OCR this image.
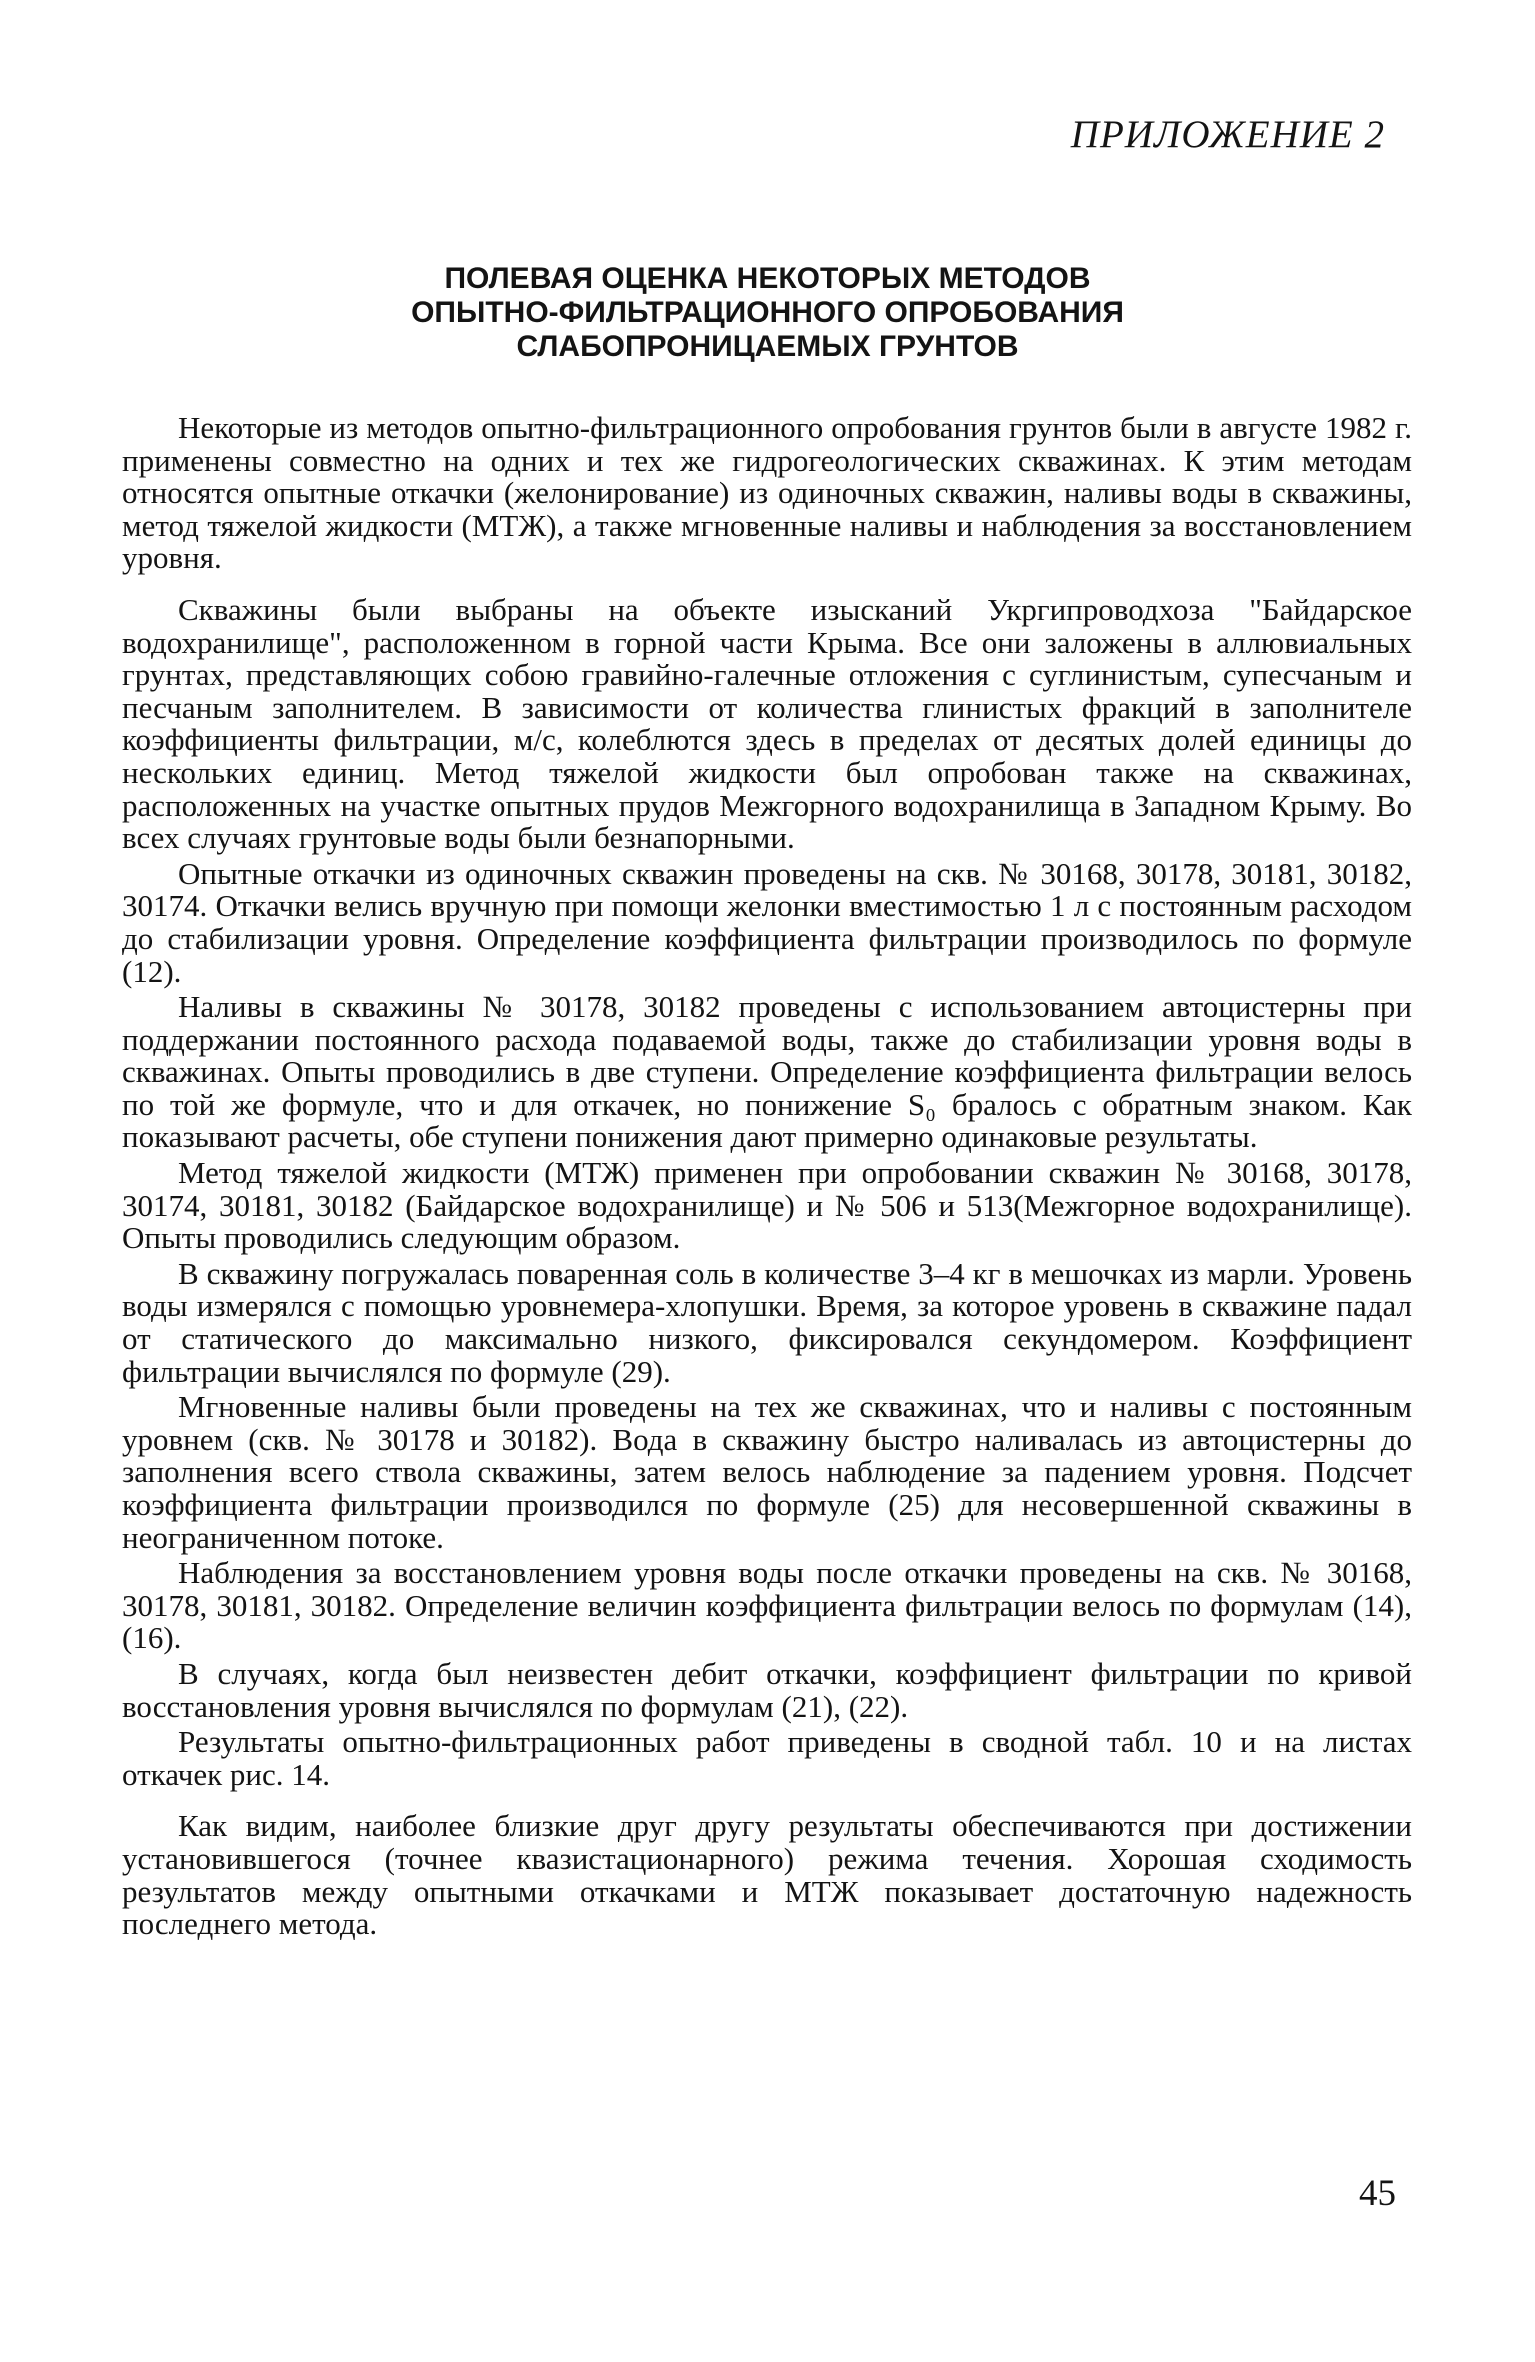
ПРИЛОЖЕНИЕ 2
ПОЛЕВАЯ ОЦЕНКА НЕКОТОРЫХ МЕТОДОВ
ОПЫТНО-ФИЛЬТРАЦИОННОГО ОПРОБОВАНИЯ
СЛАБОПРОНИЦАЕМЫХ ГРУНТОВ

Некоторые из методов опытно-фильтрационного опробования грунтов были в августе 1982 г. применены совместно на одних и тех же гидрогеологических скважинах. К этим методам относятся опытные откачки (желонирование) из одиночных скважин, наливы воды в скважины, метод тяжелой жидкости (МТЖ), а также мгновенные наливы и наблюдения за восстановлением уровня.

Скважины были выбраны на объекте изысканий Укргипроводхоза "Байдарское водохранилище", расположенном в горной части Крыма. Все они заложены в аллювиальных грунтах, представляющих собою гравийно-галечные отложения с суглинистым, супесчаным и песчаным заполнителем. В зависимости от количества глинистых фракций в заполнителе коэффициенты фильтрации, м/с, колеблются здесь в пределах от десятых долей единицы до нескольких единиц. Метод тяжелой жидкости был опробован также на скважинах, расположенных на участке опытных прудов Межгорного водохранилища в Западном Крыму. Во всех случаях грунтовые воды были безнапорными.

Опытные откачки из одиночных скважин проведены на скв. № 30168, 30178, 30181, 30182, 30174. Откачки велись вручную при помощи желонки вместимостью 1 л с постоянным расходом до стабилизации уровня. Определение коэффициента фильтрации производилось по формуле (12).

Наливы в скважины № 30178, 30182 проведены с использованием автоцистерны при поддержании постоянного расхода подаваемой воды, также до стабилизации уровня воды в скважинах. Опыты проводились в две ступени. Определение коэффициента фильтрации велось по той же формуле, что и для откачек, но понижение S₀ бралось с обратным знаком. Как показывают расчеты, обе ступени понижения дают примерно одинаковые результаты.

Метод тяжелой жидкости (МТЖ) применен при опробовании скважин № 30168, 30178, 30174, 30181, 30182 (Байдарское водохранилище) и № 506 и 513(Межгорное водохранилище). Опыты проводились следующим образом.

В скважину погружалась поваренная соль в количестве 3–4 кг в мешочках из марли. Уровень воды измерялся с помощью уровнемера-хлопушки. Время, за которое уровень в скважине падал от статического до максимально низкого, фиксировался секундомером. Коэффициент фильтрации вычислялся по формуле (29).

Мгновенные наливы были проведены на тех же скважинах, что и наливы с постоянным уровнем (скв. № 30178 и 30182). Вода в скважину быстро наливалась из автоцистерны до заполнения всего ствола скважины, затем велось наблюдение за падением уровня. Подсчет коэффициента фильтрации производился по формуле (25) для несовершенной скважины в неограниченном потоке.

Наблюдения за восстановлением уровня воды после откачки проведены на скв. № 30168, 30178, 30181, 30182. Определение величин коэффициента фильтрации велось по формулам (14), (16).

В случаях, когда был неизвестен дебит откачки, коэффициент фильтрации по кривой восстановления уровня вычислялся по формулам (21), (22).

Результаты опытно-фильтрационных работ приведены в сводной табл. 10 и на листах откачек рис. 14.

Как видим, наиболее близкие друг другу результаты обеспечиваются при достижении установившегося (точнее квазистационарного) режима течения. Хорошая сходимость результатов между опытными откачками и МТЖ показывает достаточную надежность последнего метода.

45
